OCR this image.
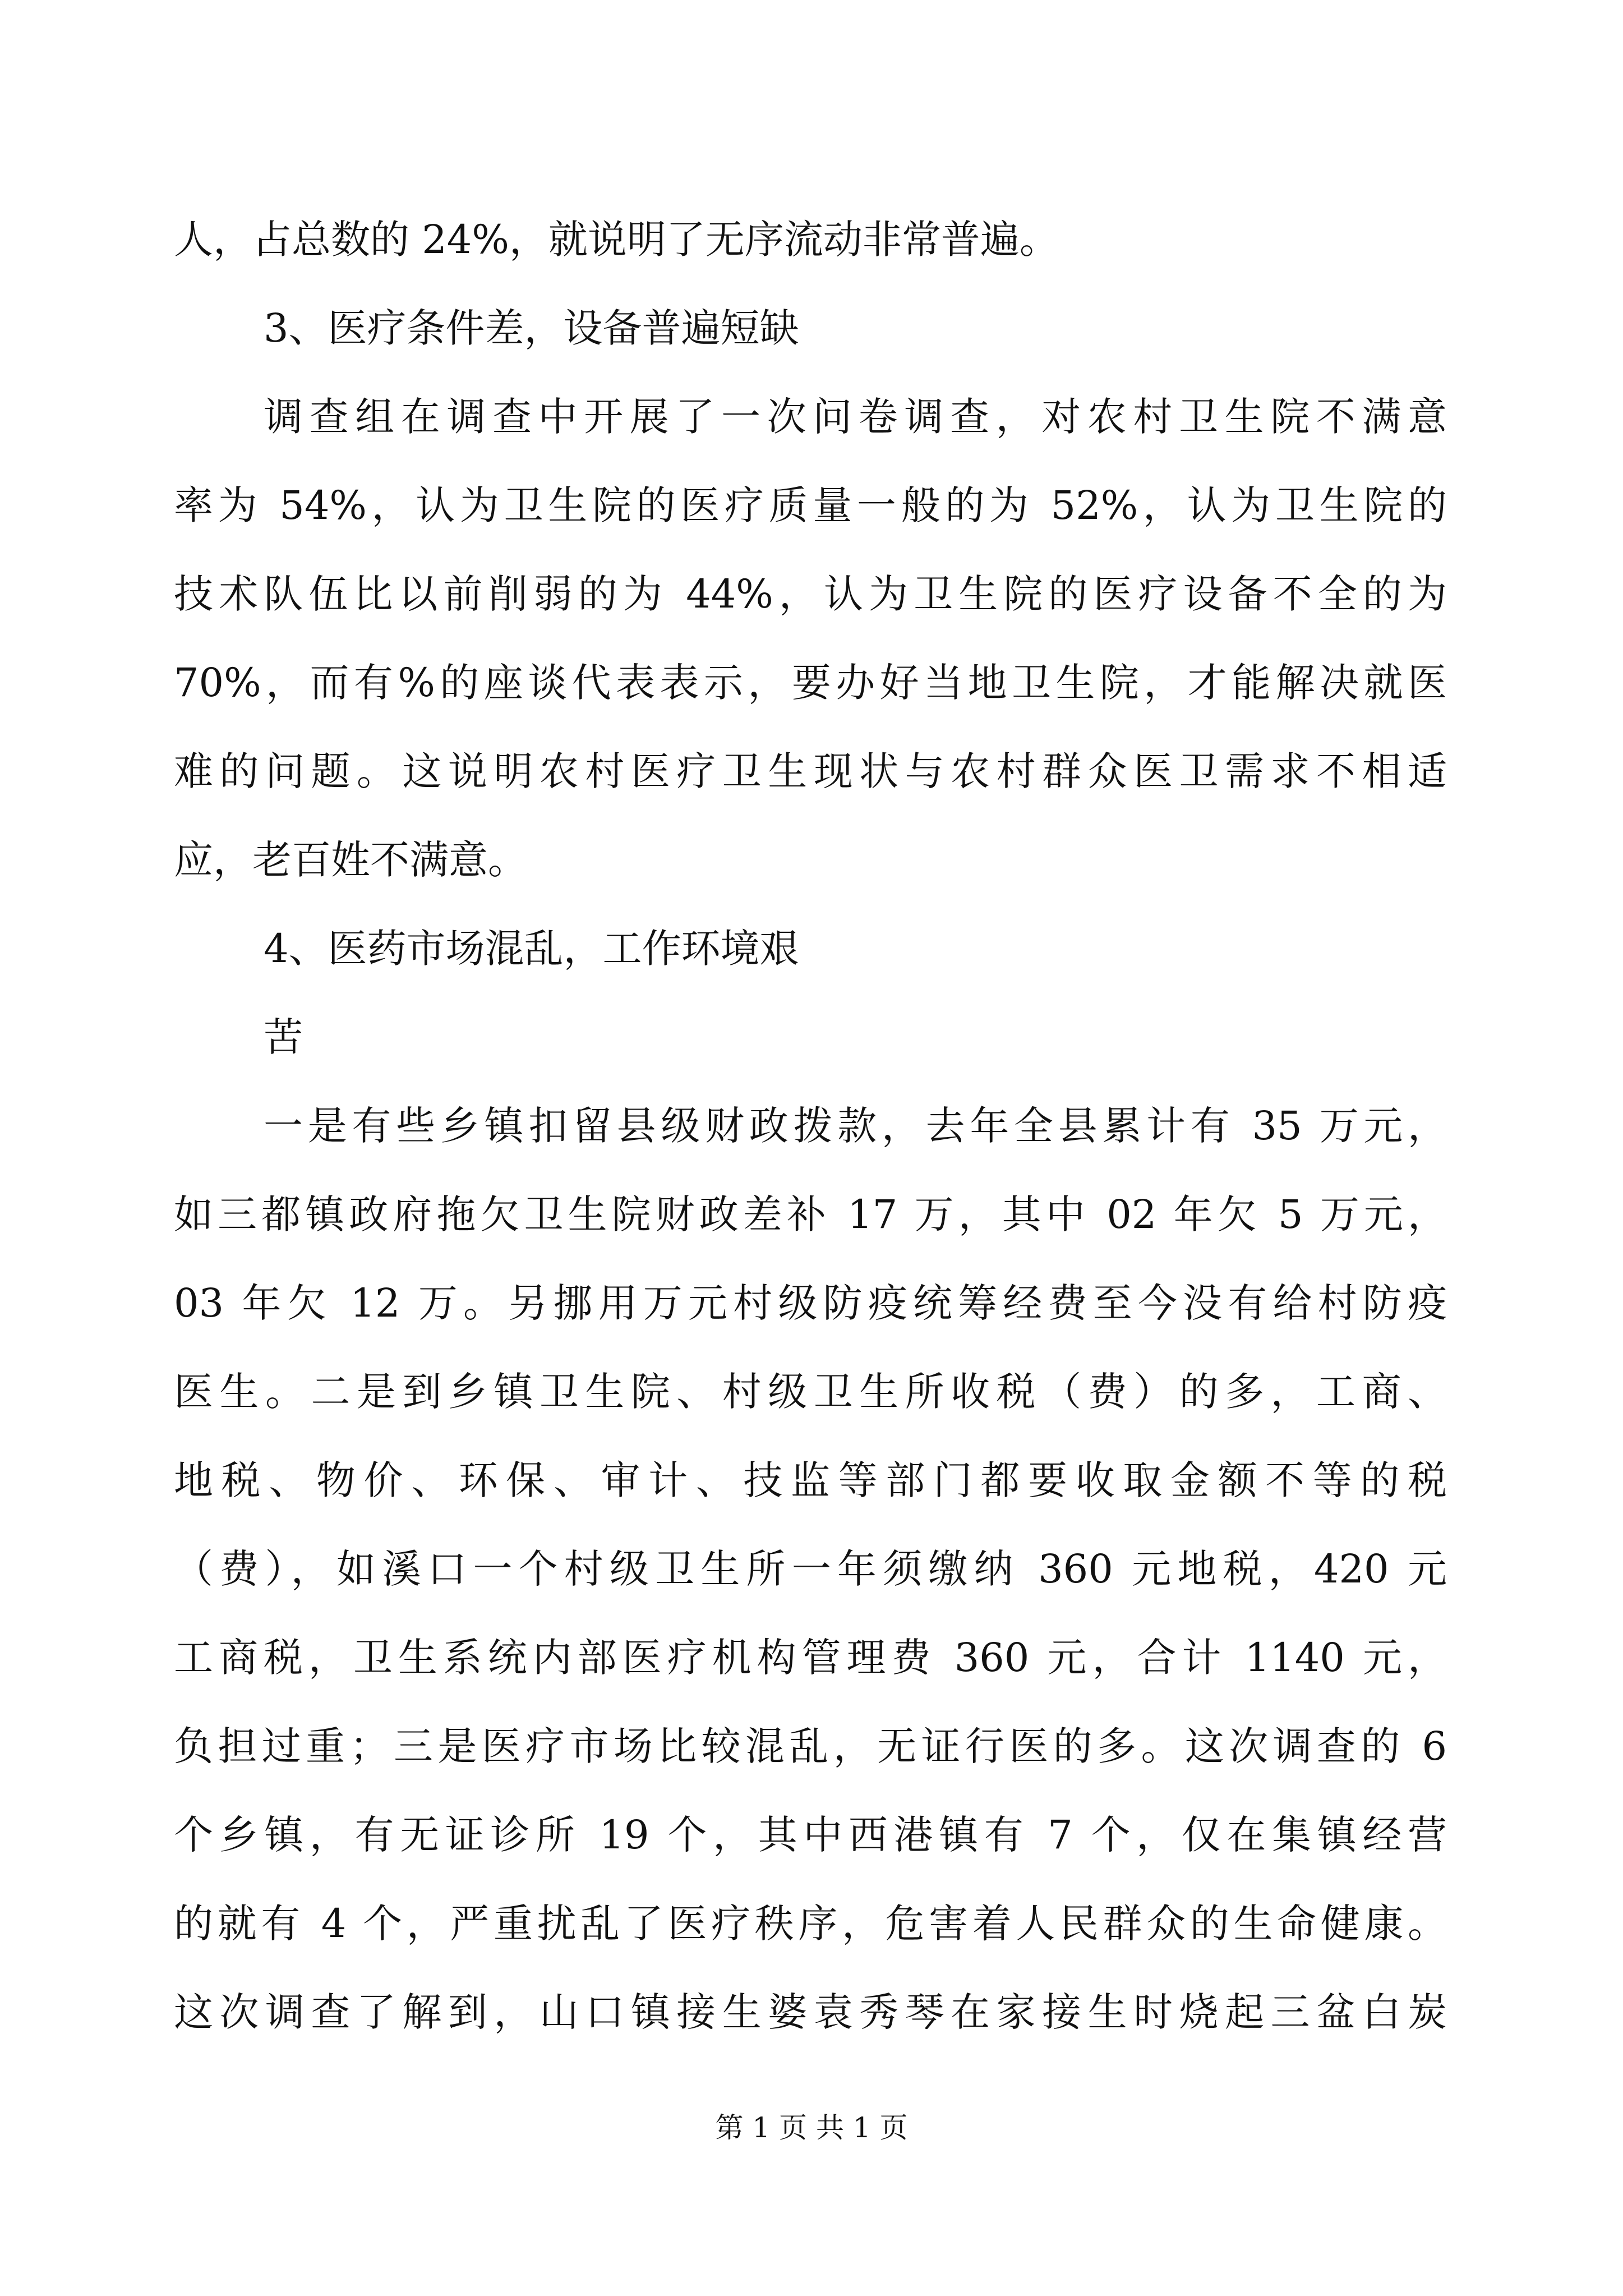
人，占总数的 24%，就说明了无序流动非常普遍。
3、医疗条件差，设备普遍短缺
调查组在调查中开展了一次问卷调查，对农村卫生院不满意
率为 54%，认为卫生院的医疗质量一般的为 52%，认为卫生院的
技术队伍比以前削弱的为 44%，认为卫生院的医疗设备不全的为
70%，而有%的座谈代表表示，要办好当地卫生院，才能解决就医
难的问题。这说明农村医疗卫生现状与农村群众医卫需求不相适
应，老百姓不满意。
4、医药市场混乱，工作环境艰
苦
一是有些乡镇扣留县级财政拨款，去年全县累计有 35 万元，
如三都镇政府拖欠卫生院财政差补 17 万，其中 02 年欠 5 万元，
03 年欠 12 万。另挪用万元村级防疫统筹经费至今没有给村防疫
医生。二是到乡镇卫生院、村级卫生所收税（费）的多，工商、
地税、物价、环保、审计、技监等部门都要收取金额不等的税
（费），如溪口一个村级卫生所一年须缴纳 360 元地税，420 元
工商税，卫生系统内部医疗机构管理费 360 元，合计 1140 元，
负担过重；三是医疗市场比较混乱，无证行医的多。这次调查的 6
个乡镇，有无证诊所 19 个，其中西港镇有 7 个，仅在集镇经营
的就有 4 个，严重扰乱了医疗秩序，危害着人民群众的生命健康。
这次调查了解到，山口镇接生婆袁秀琴在家接生时烧起三盆白炭
第 1 页 共 1 页
